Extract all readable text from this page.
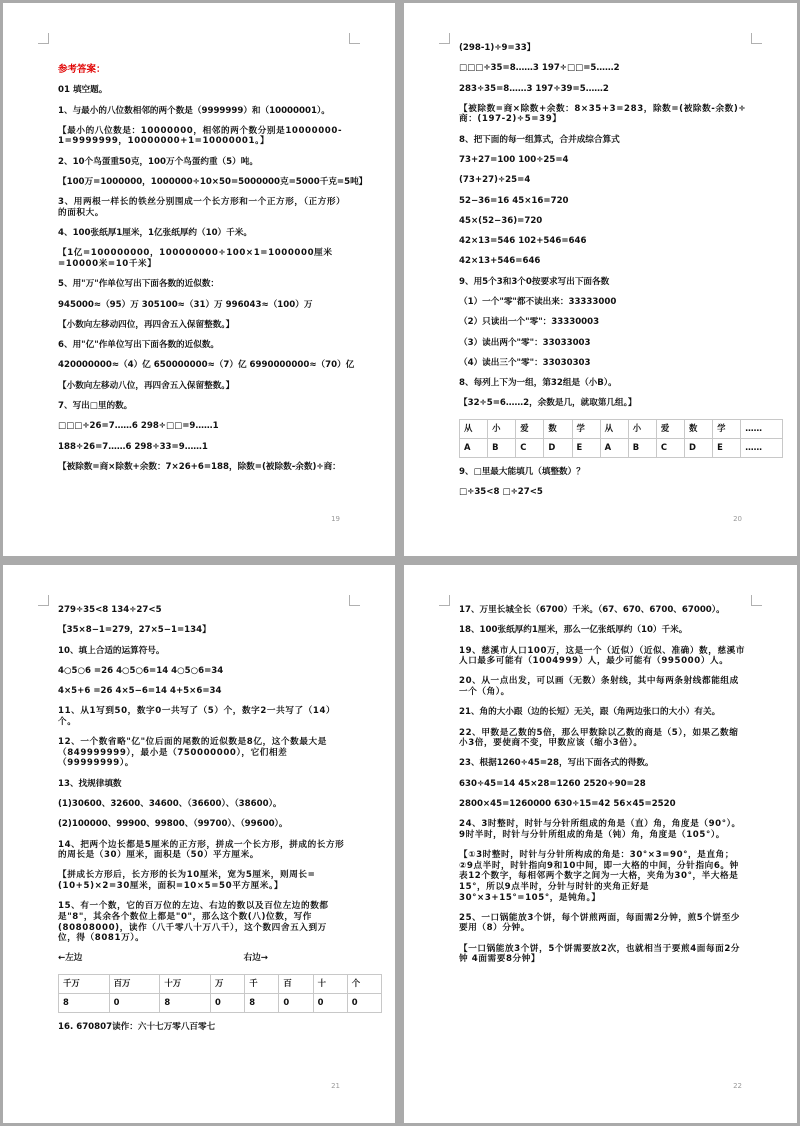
参考答案：
01 填空题。
1、与最小的八位数相邻的两个数是（9999999）和（10000001）。
【最小的八位数是：10000000，相邻的两个数分别是10000000-1=9999999，10000000+1=10000001。】
2、10个鸟蛋重50克，100万个鸟蛋约重（5）吨。
【100万=1000000，1000000÷10×50=5000000克=5000千克=5吨】
3、用两根一样长的铁丝分别围成一个长方形和一个正方形，（正方形）的面积大。
4、100张纸厚1厘米，1亿张纸厚约（10）千米。
【1亿=100000000，100000000÷100×1=1000000厘米=10000米=10千米】
5、用"万"作单位写出下面各数的近似数：
945000≈（95）万 305100≈（31）万 996043≈（100）万
【小数向左移动四位，再四舍五入保留整数。】
6、用"亿"作单位写出下面各数的近似数。
420000000≈（4）亿 650000000≈（7）亿 6990000000≈（70）亿
【小数向左移动八位，再四舍五入保留整数。】
7、写出□里的数。
□□□÷26=7……6 298÷□□=9……1
188÷26=7……6 298÷33=9……1
【被除数=商×除数+余数：7×26+6=188，除数=(被除数-余数)÷商：
19
(298-1)÷9=33】
□□□÷35=8……3 197÷□□=5……2
283÷35=8……3 197÷39=5……2
【被除数=商×除数+余数：8×35+3=283，除数=(被除数-余数)÷商：(197-2)÷5=39】
8、把下面的每一组算式，合并成综合算式
73+27=100 100÷25=4
(73+27)÷25=4
52−36=16 45×16=720
45×(52−36)=720
42×13=546 102+546=646
42×13+546=646
9、用5个3和3个0按要求写出下面各数
（1）一个"零"都不读出来：33333000
（2）只读出一个"零"：33330003
（3）读出两个"零"：33033003
（4）读出三个"零"：33030303
8、每列上下为一组，第32组是（小B）。
【32÷5=6……2，余数是几，就取第几组。】
从	小	爱	数	学	从	小	爱	数	学	……
A	B	C	D	E	A	B	C	D	E	……
9、□里最大能填几（填整数）？
□÷35<8 □÷27<5
20
279÷35<8 134÷27<5
【35×8−1=279，27×5−1=134】
10、填上合适的运算符号。
4○5○6 =26 4○5○6=14 4○5○6=34
4×5+6 =26 4×5−6=14 4+5×6=34
11、从1写到50，数字0一共写了（5）个，数字2一共写了（14）个。
12、一个数省略"亿"位后面的尾数的近似数是8亿，这个数最大是（849999999），最小是（750000000），它们相差（99999999）。
13、找规律填数
(1)30600、32600、34600、（36600）、（38600）。
(2)100000、99900、99800、（99700）、（99600）。
14、把两个边长都是5厘米的正方形，拼成一个长方形，拼成的长方形的周长是（30）厘米，面积是（50）平方厘米。
【拼成长方形后，长方形的长为10厘米，宽为5厘米，则周长=(10+5)×2=30厘米，面积=10×5=50平方厘米。】
15、有一个数，它的百万位的左边、右边的数以及百位左边的数都是"8"，其余各个数位上都是"0"，那么这个数(八)位数，写作(80808000)，读作（八千零八十万八千），这个数四舍五入到万位，得（8081万）。
←左边	右边→
千万	百万	十万	万	千	百	十	个
8	0	8	0	8	0	0	0
16. 670807读作：六十七万零八百零七
21
17、万里长城全长（6700）千米。（67、670、6700、67000）。
18、100张纸厚约1厘米，那么一亿张纸厚约（10）千米。
19、慈溪市人口100万，这是一个（近似）（近似、准确）数，慈溪市人口最多可能有（1004999）人，最少可能有（995000）人。
20、从一点出发，可以画（无数）条射线，其中每两条射线都能组成一个（角）。
21、角的大小跟（边的长短）无关，跟（角两边张口的大小）有关。
22、甲数是乙数的5倍，那么甲数除以乙数的商是（5），如果乙数缩小3倍，要使商不变，甲数应该（缩小3倍）。
23、根据1260÷45=28，写出下面各式的得数。
630÷45=14 45×28=1260 2520÷90=28
2800×45=1260000 630÷15=42 56×45=2520
24、3时整时，时针与分针所组成的角是（直）角，角度是（90°）。9时半时，时针与分针所组成的角是（钝）角，角度是（105°）。
【①3时整时，时针与分针所构成的角是：30°×3=90°，是直角；②9点半时，时针指向9和10中间，即一大格的中间，分针指向6。钟表12个数字，每相邻两个数字之间为一大格，夹角为30°，半大格是15°，所以9点半时，分针与时针的夹角正好是30°×3+15°=105°，是钝角。】
25、一口锅能放3个饼，每个饼煎两面，每面需2分钟，煎5个饼至少要用（8）分钟。
【一口锅能放3个饼，5个饼需要放2次，也就相当于要煎4面每面2分钟 4面需要8分钟】
22
